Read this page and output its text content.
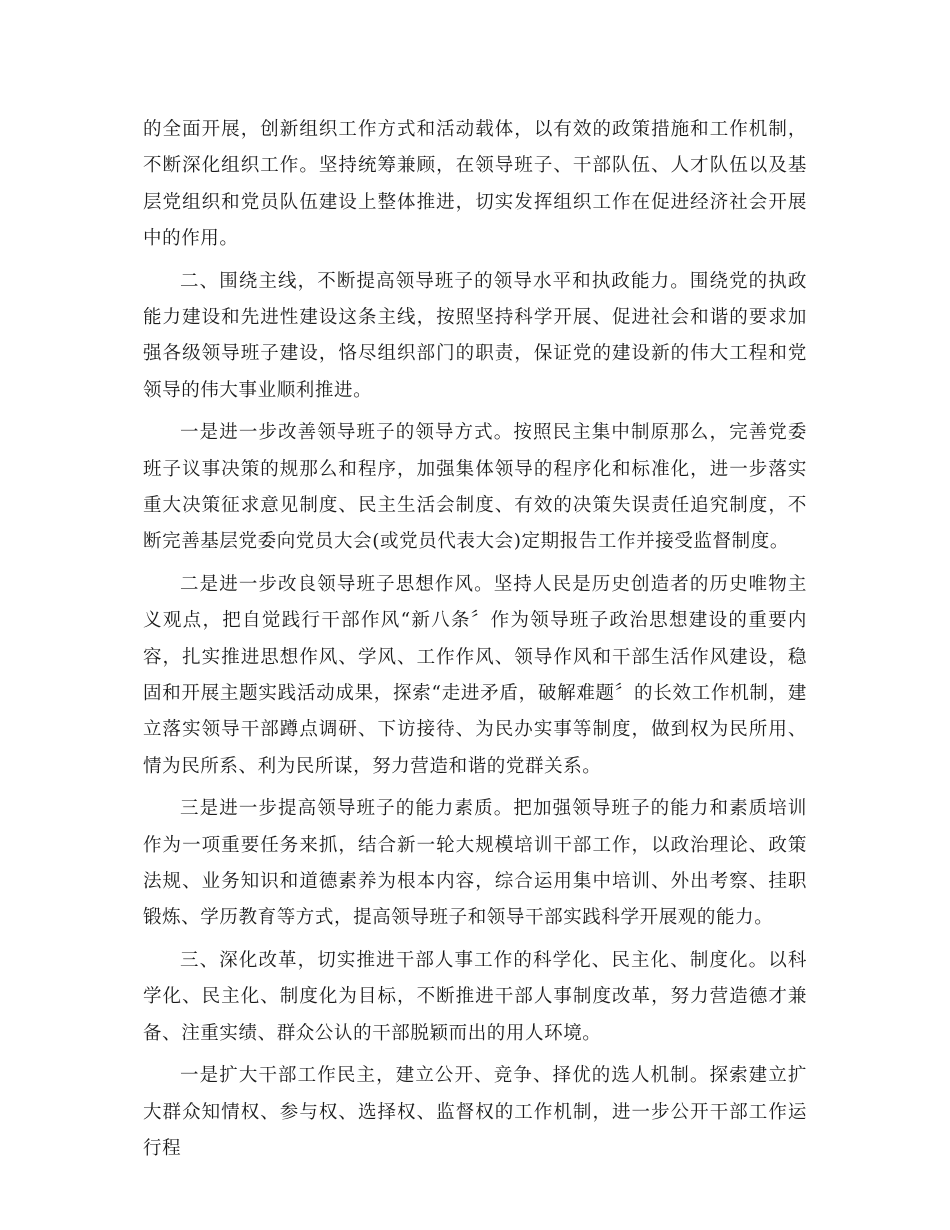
的全面开展，创新组织工作方式和活动载体，以有效的政策措施和工作机制，不断深化组织工作。坚持统筹兼顾，在领导班子、干部队伍、人才队伍以及基层党组织和党员队伍建设上整体推进，切实发挥组织工作在促进经济社会开展中的作用。

二、围绕主线，不断提高领导班子的领导水平和执政能力。围绕党的执政能力建设和先进性建设这条主线，按照坚持科学开展、促进社会和谐的要求加强各级领导班子建设，恪尽组织部门的职责，保证党的建设新的伟大工程和党领导的伟大事业顺利推进。

一是进一步改善领导班子的领导方式。按照民主集中制原那么，完善党委班子议事决策的规那么和程序，加强集体领导的程序化和标准化，进一步落实重大决策征求意见制度、民主生活会制度、有效的决策失误责任追究制度，不断完善基层党委向党员大会(或党员代表大会)定期报告工作并接受监督制度。

二是进一步改良领导班子思想作风。坚持人民是历史创造者的历史唯物主义观点，把自觉践行干部作风“新八条〞作为领导班子政治思想建设的重要内容，扎实推进思想作风、学风、工作作风、领导作风和干部生活作风建设，稳固和开展主题实践活动成果，探索“走进矛盾，破解难题〞的长效工作机制，建立落实领导干部蹲点调研、下访接待、为民办实事等制度，做到权为民所用、情为民所系、利为民所谋，努力营造和谐的党群关系。

三是进一步提高领导班子的能力素质。把加强领导班子的能力和素质培训作为一项重要任务来抓，结合新一轮大规模培训干部工作，以政治理论、政策法规、业务知识和道德素养为根本内容，综合运用集中培训、外出考察、挂职锻炼、学历教育等方式，提高领导班子和领导干部实践科学开展观的能力。

三、深化改革，切实推进干部人事工作的科学化、民主化、制度化。以科学化、民主化、制度化为目标，不断推进干部人事制度改革，努力营造德才兼备、注重实绩、群众公认的干部脱颖而出的用人环境。

一是扩大干部工作民主，建立公开、竞争、择优的选人机制。探索建立扩大群众知情权、参与权、选择权、监督权的工作机制，进一步公开干部工作运行程
